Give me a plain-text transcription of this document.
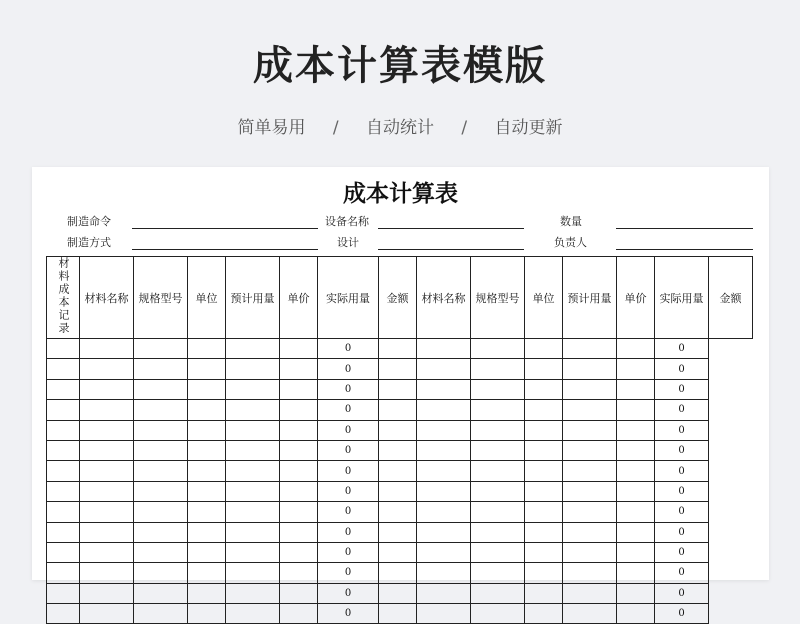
成本计算表模版
简单易用 / 自动统计 / 自动更新
成本计算表
制造命令	设备名称	数量
制造方式	设计	负责人
材料成本记录	材料名称	规格型号	单位	预计用量	单价	实际用量	金额	材料名称	规格型号	单位	预计用量	单价	实际用量	金额
						0							0	
						0							0	
						0							0	
						0							0	
						0							0	
						0							0	
						0							0	
						0							0	
						0							0	
						0							0	
						0							0	
						0							0	
						0							0	
						0							0	
